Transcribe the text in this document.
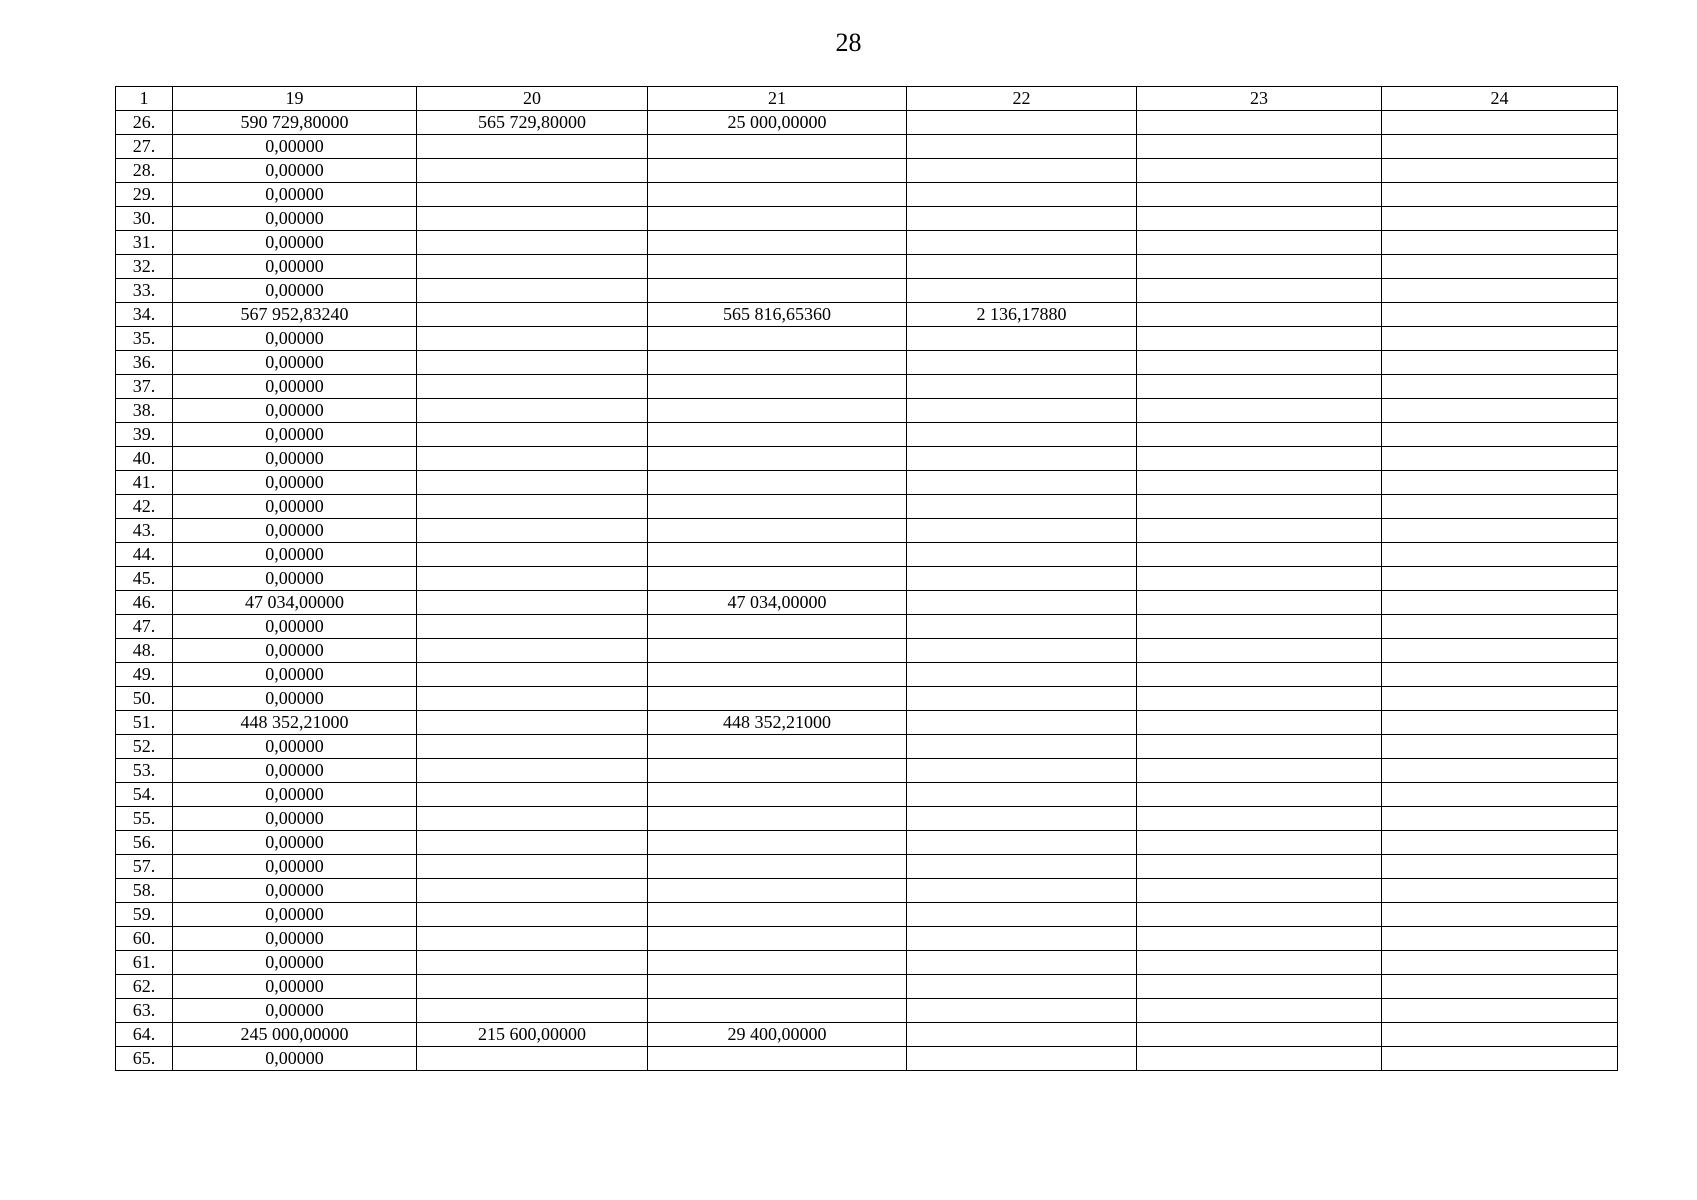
28
1	19	20	21	22	23	24
26.	590 729,80000	565 729,80000	25 000,00000			
27.	0,00000					
28.	0,00000					
29.	0,00000					
30.	0,00000					
31.	0,00000					
32.	0,00000					
33.	0,00000					
34.	567 952,83240		565 816,65360	2 136,17880		
35.	0,00000					
36.	0,00000					
37.	0,00000					
38.	0,00000					
39.	0,00000					
40.	0,00000					
41.	0,00000					
42.	0,00000					
43.	0,00000					
44.	0,00000					
45.	0,00000					
46.	47 034,00000		47 034,00000			
47.	0,00000					
48.	0,00000					
49.	0,00000					
50.	0,00000					
51.	448 352,21000		448 352,21000			
52.	0,00000					
53.	0,00000					
54.	0,00000					
55.	0,00000					
56.	0,00000					
57.	0,00000					
58.	0,00000					
59.	0,00000					
60.	0,00000					
61.	0,00000					
62.	0,00000					
63.	0,00000					
64.	245 000,00000	215 600,00000	29 400,00000			
65.	0,00000					
